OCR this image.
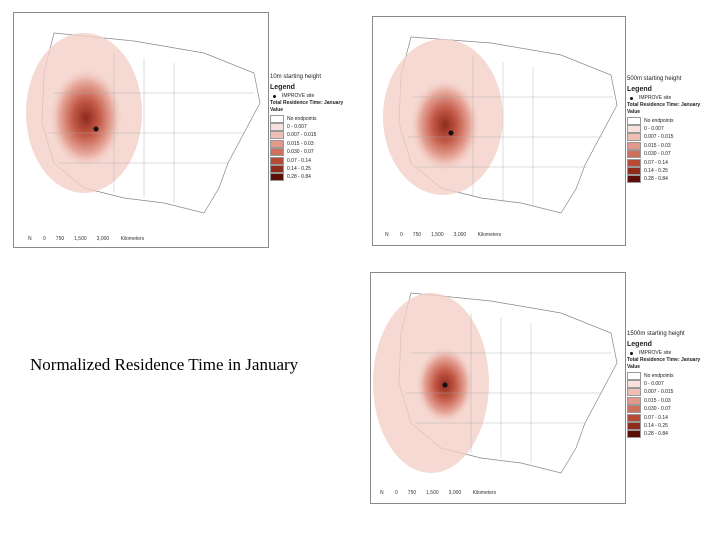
10m starting height
Legend
IMPROVE site
Total Residence Time: January
Value
No endpoints
0 - 0.007
0.007 - 0.015
0.015 - 0.03
0.030 - 0.07
0.07 - 0.14
0.14 - 0.25
0.28 - 0.84
N 0 750 1,500 3,000 Kilometers
500m starting height
Legend
IMPROVE site
Total Residence Time: January
Value
No endpoints
0 - 0.007
0.007 - 0.015
0.015 - 0.03
0.030 - 0.07
0.07 - 0.14
0.14 - 0.25
0.28 - 0.84
N 0 750 1,500 3,000 Kilometers
1500m starting height
Legend
IMPROVE site
Total Residence Time: January
Value
No endpoints
0 - 0.007
0.007 - 0.015
0.015 - 0.03
0.030 - 0.07
0.07 - 0.14
0.14 - 0.25
0.28 - 0.84
N 0 750 1,500 3,000 Kilometers
Normalized Residence Time in January
